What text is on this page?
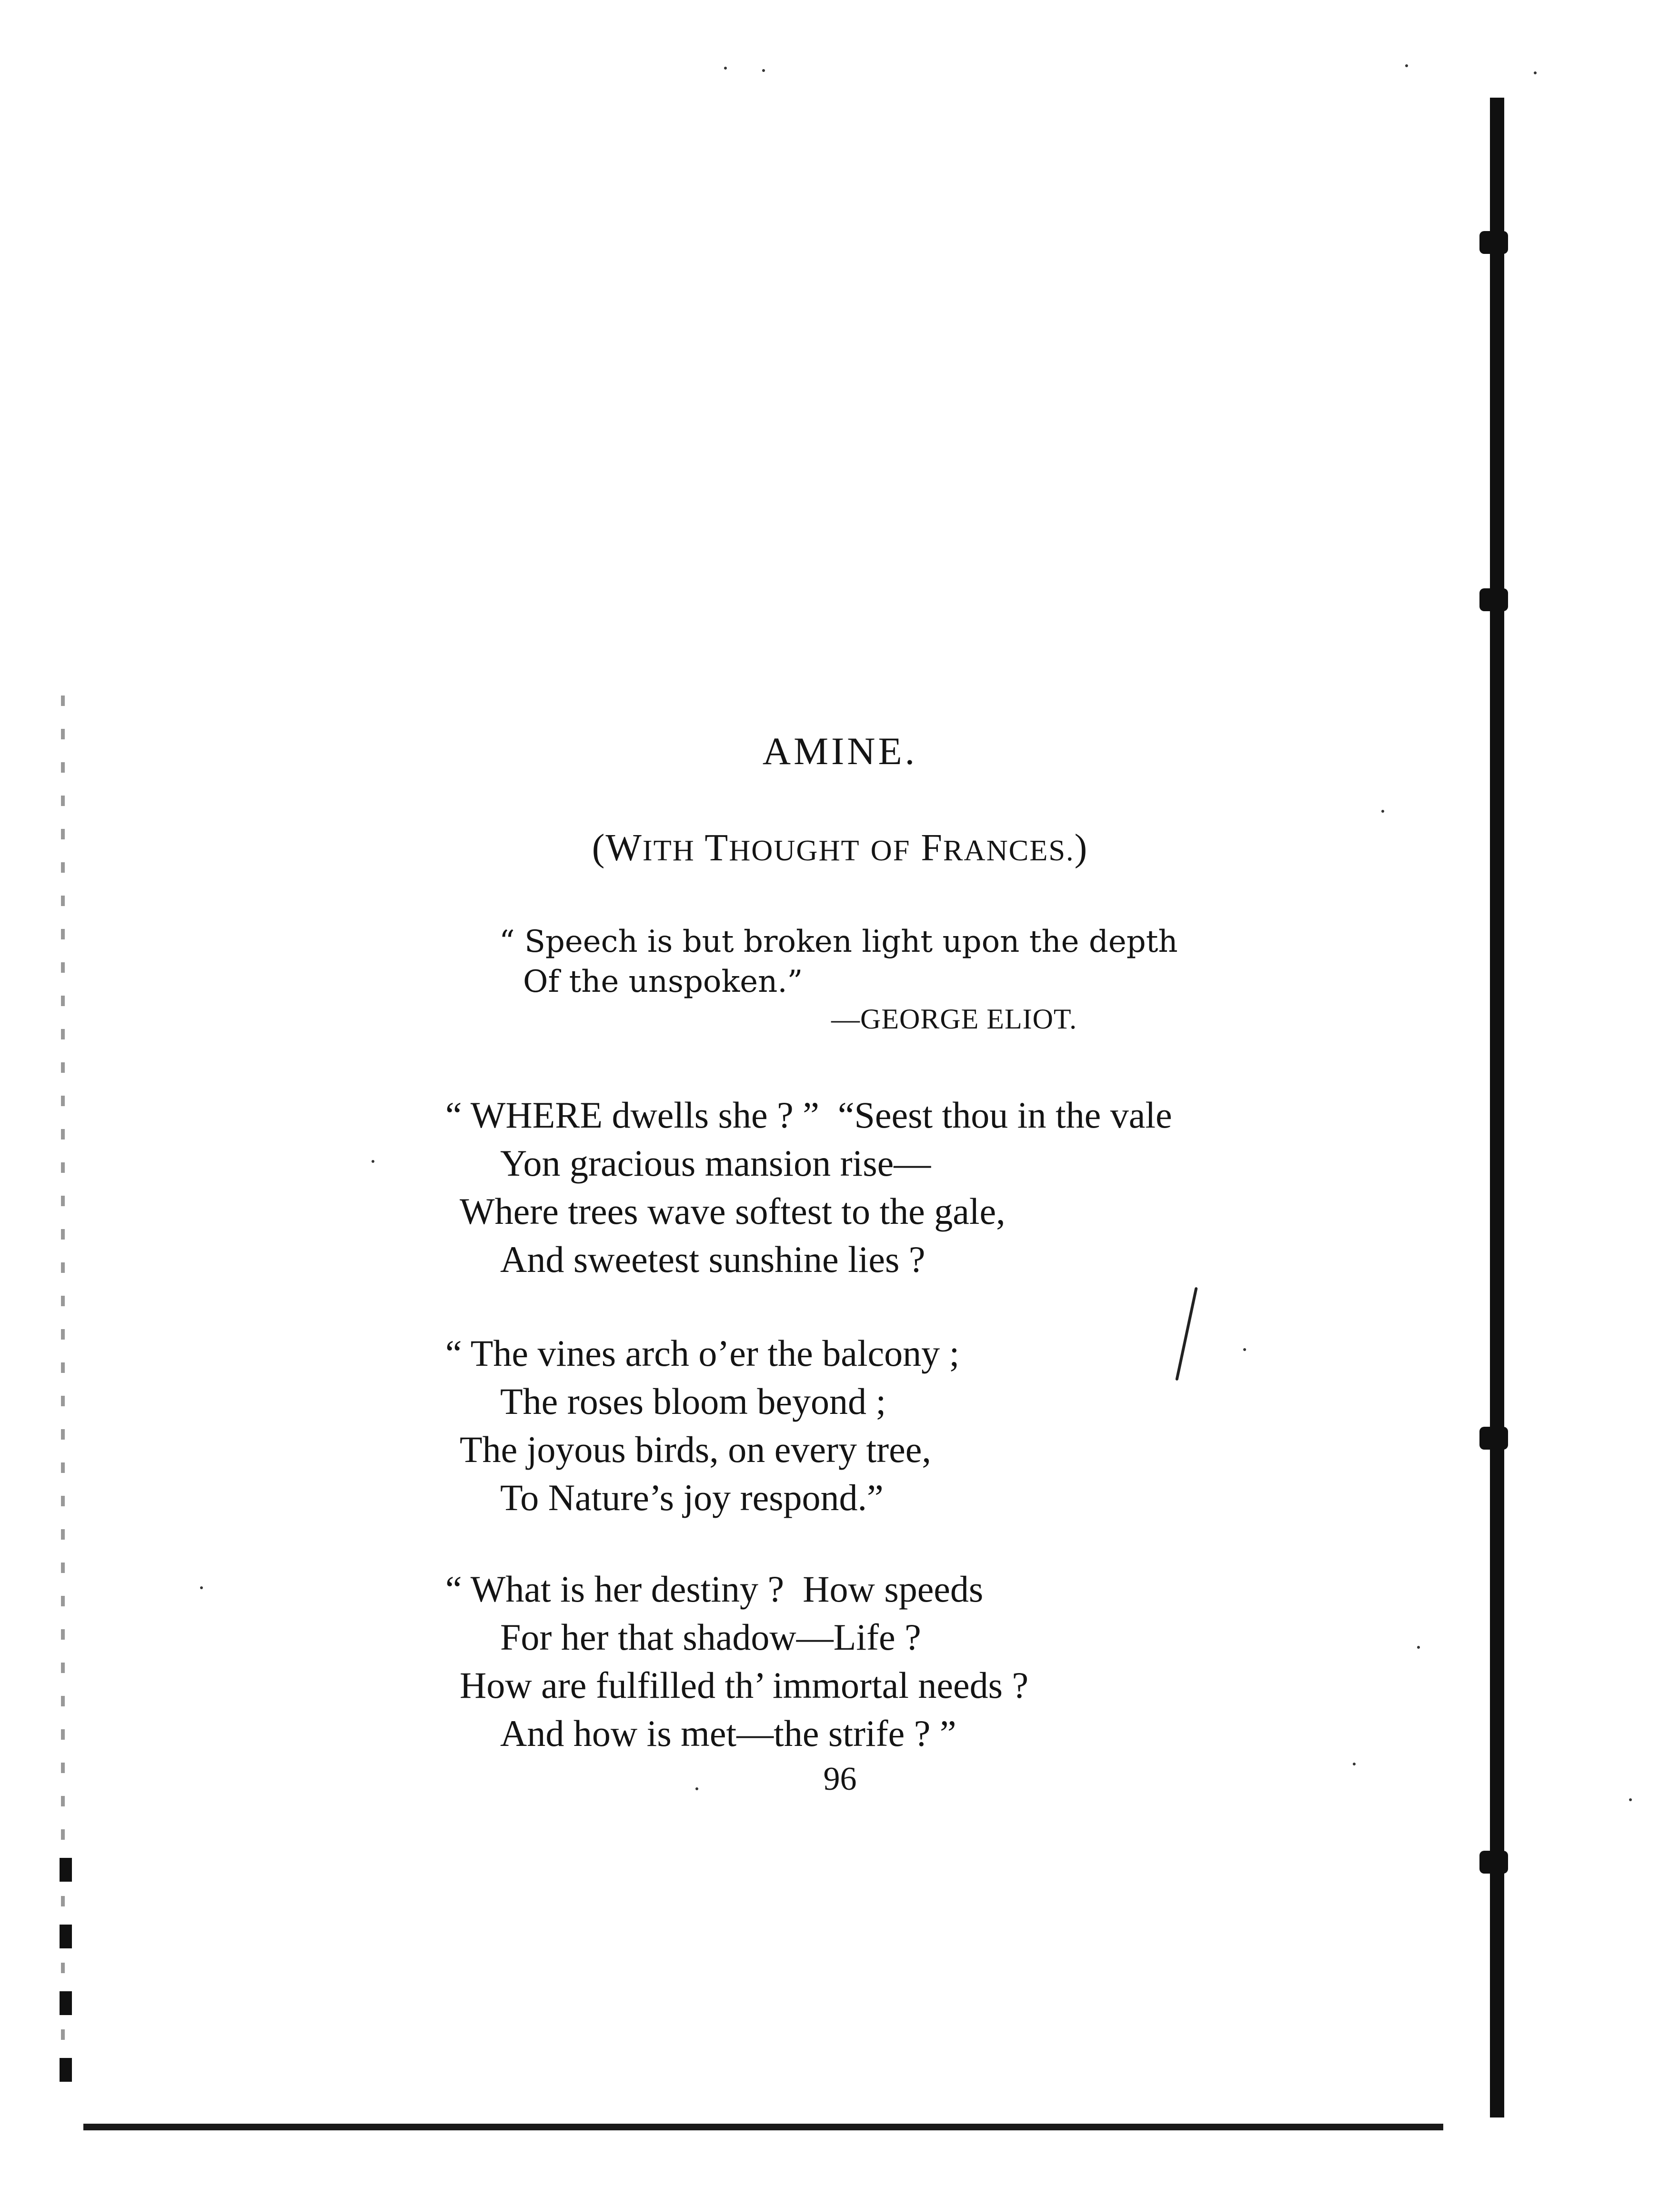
AMINE.
(WITH THOUGHT OF FRANCES.)
“ Speech is but broken light upon the depth
Of the unspoken.”
—GEORGE ELIOT.
“ WHERE dwells she ? ”  “Seest thou in the vale
Yon gracious mansion rise—
Where trees wave softest to the gale,
And sweetest sunshine lies ?
“ The vines arch o’er the balcony ;
The roses bloom beyond ;
The joyous birds, on every tree,
To Nature’s joy respond.”
“ What is her destiny ?  How speeds
For her that shadow—Life ?
How are fulfilled th’ immortal needs ?
And how is met—the strife ? ”
96
